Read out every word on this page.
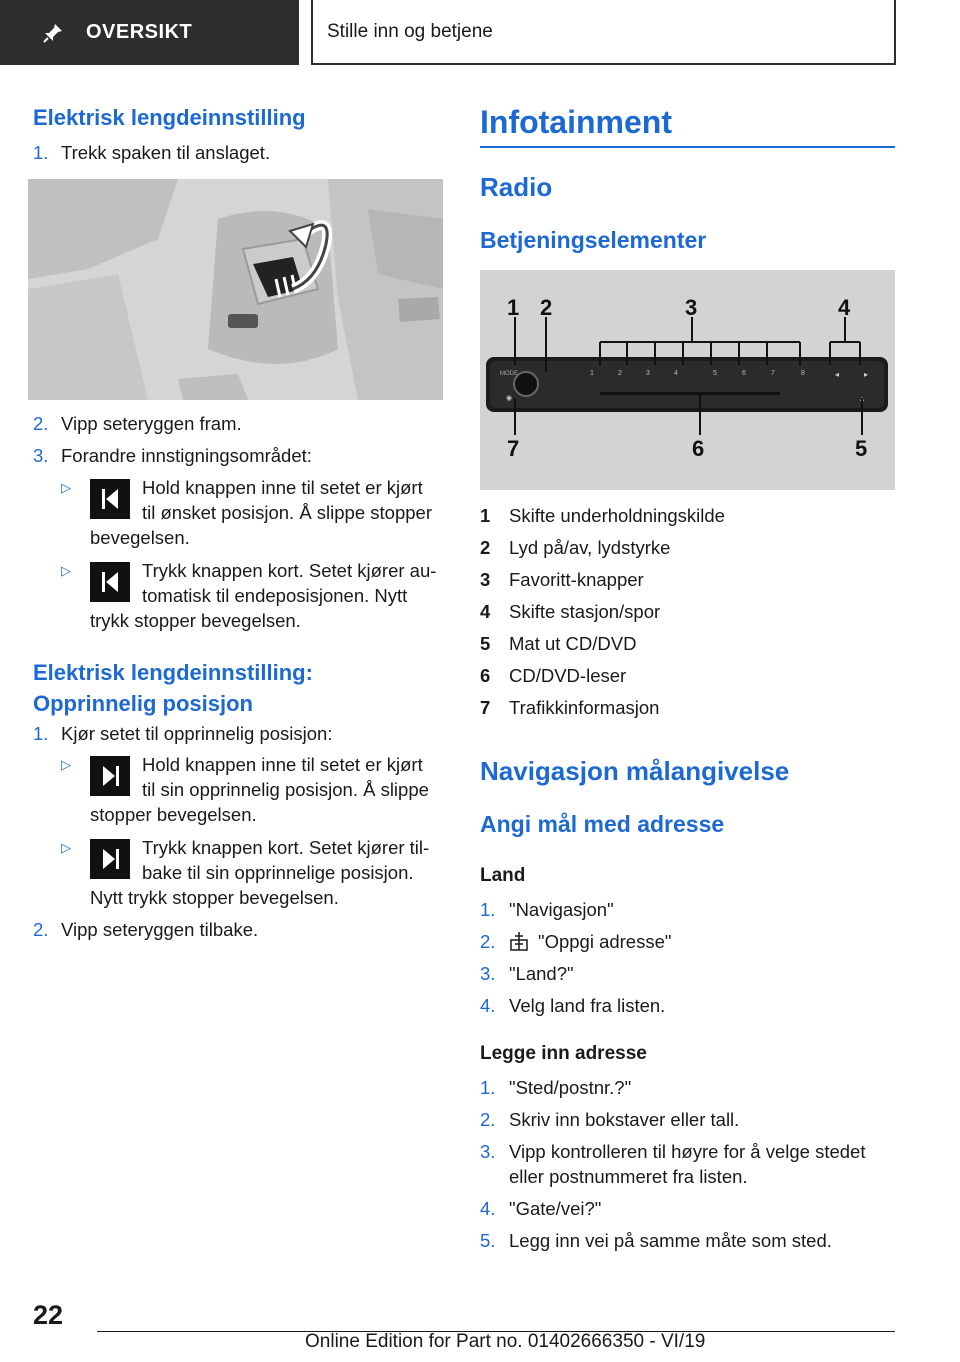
OVERSIKT	Stille inn og betjene
Elektrisk lengdeinnstilling
1. Trekk spaken til anslaget.
2. Vipp seteryggen fram.
3. Forandre innstigningsområdet:
▷	Hold knappen inne til setet er kjørt
til ønsket posisjon. Å slippe stopper
bevegelsen.
▷	Trykk knappen kort. Setet kjører au-
tomatisk til endeposisjonen. Nytt
trykk stopper bevegelsen.
Elektrisk lengdeinnstilling:
Opprinnelig posisjon
1. Kjør setet til opprinnelig posisjon:
▷	Hold knappen inne til setet er kjørt
til sin opprinnelig posisjon. Å slippe
stopper bevegelsen.
▷	Trykk knappen kort. Setet kjører til-
bake til sin opprinnelige posisjon.
Nytt trykk stopper bevegelsen.
2. Vipp seteryggen tilbake.
Infotainment
Radio
Betjeningselementer
MODE	1	2	3	4	5	6	7	8	◂	▸
▴
◉
1 2	3	4
5
6
7
1 Skifte underholdningskilde
2 Lyd på/av, lydstyrke
3 Favoritt-knapper
4 Skifte stasjon/spor
5 Mat ut CD/DVD
6 CD/DVD-leser
7 Trafikkinformasjon
Navigasjon målangivelse
Angi mål med adresse
Land
1. "Navigasjon"
2. "Oppgi adresse"
3. "Land?"
4. Velg land fra listen.
Legge inn adresse
1. "Sted/postnr.?"
2. Skriv inn bokstaver eller tall.
3. Vipp kontrolleren til høyre for å velge stedet
eller postnummeret fra listen.
4. "Gate/vei?"
5. Legg inn vei på samme måte som sted.
22
Online Edition for Part no. 01402666350 - VI/19
